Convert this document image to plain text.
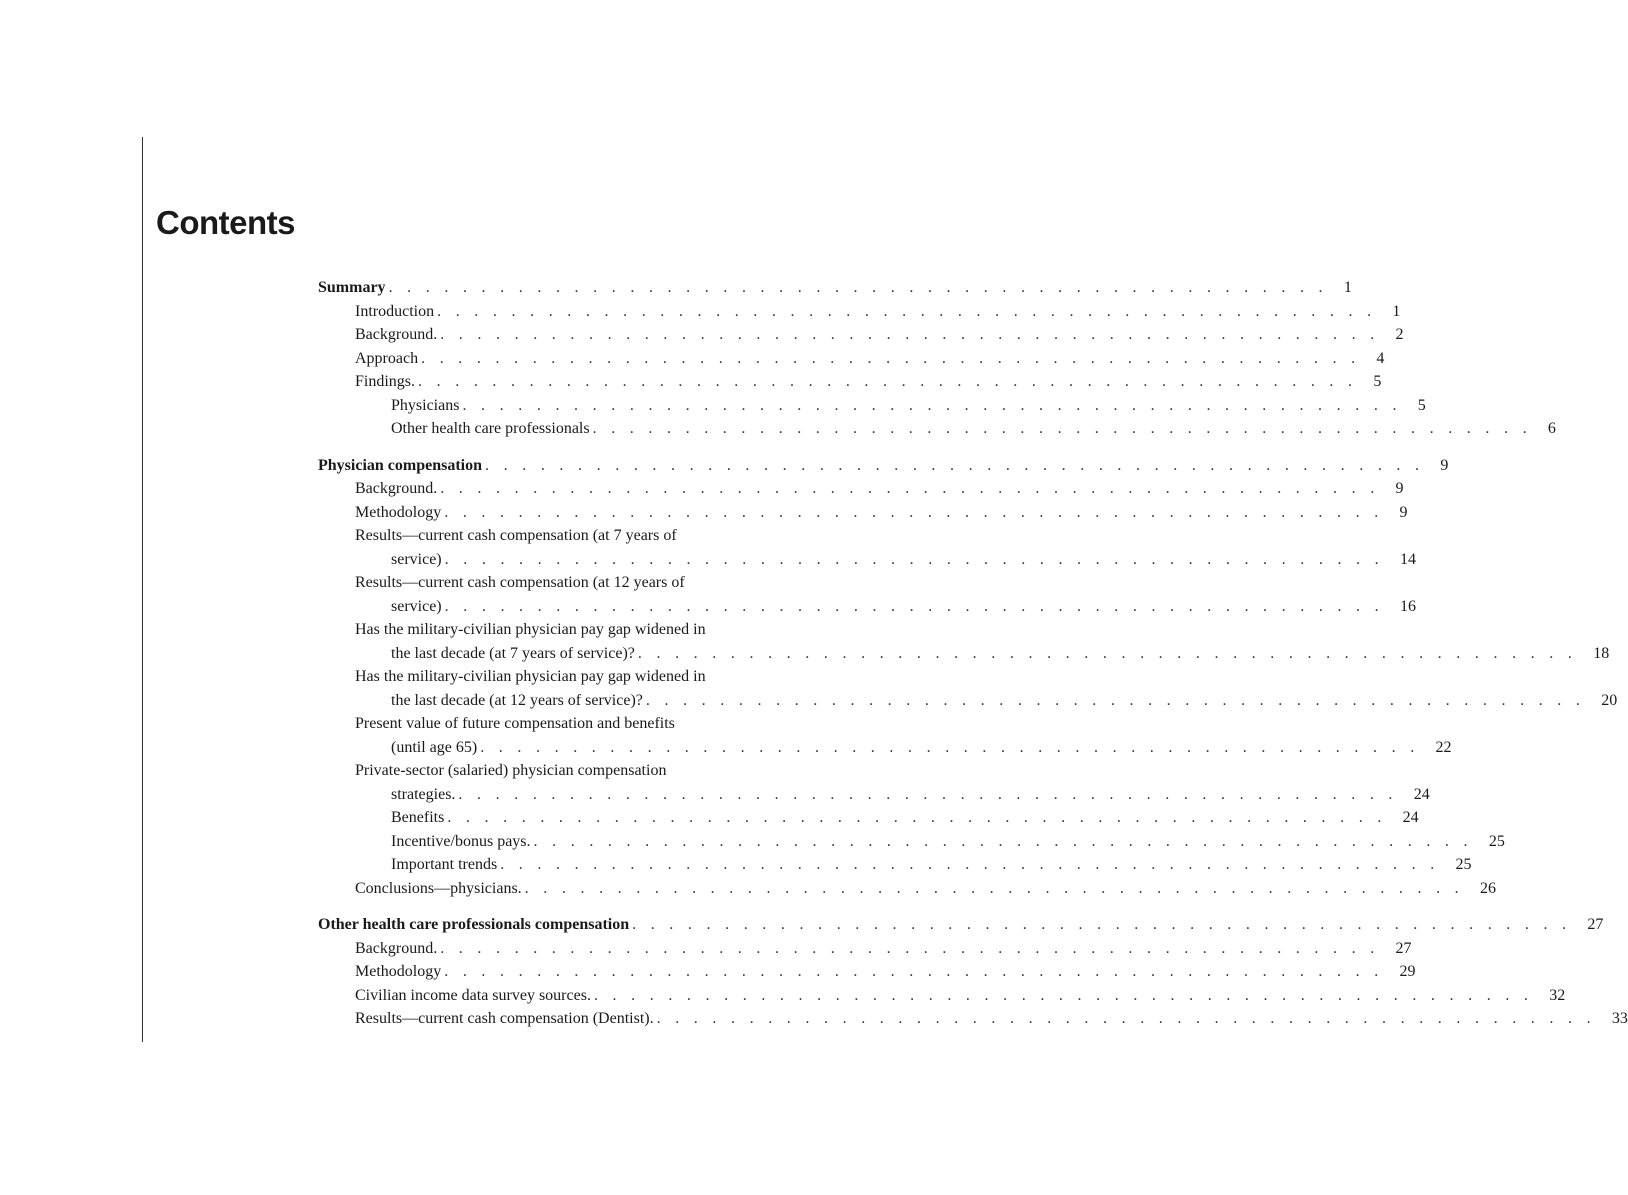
Contents
Summary . . . . . . . . . . . . . . . . . . . . . . . . . . . . . . . . . . . . . . . . . . . . . . . . . . . 1
Introduction . . . . . . . . . . . . . . . . . . . . . . . . . . . . . . . . . . . . . . . . . . . . . . . . . . . 1
Background. . . . . . . . . . . . . . . . . . . . . . . . . . . . . . . . . . . . . . . . . . . . . . . . . . . . 2
Approach . . . . . . . . . . . . . . . . . . . . . . . . . . . . . . . . . . . . . . . . . . . . . . . . . . . 4
Findings. . . . . . . . . . . . . . . . . . . . . . . . . . . . . . . . . . . . . . . . . . . . . . . . . . . . 5
Physicians . . . . . . . . . . . . . . . . . . . . . . . . . . . . . . . . . . . . . . . . . . . . . . . . . . . 5
Other health care professionals . . . . . . . . . . . . . . . . . . . . . . . . . . . . . . . . . . . . . . . . . . . . . . . . . . . 6
Physician compensation . . . . . . . . . . . . . . . . . . . . . . . . . . . . . . . . . . . . . . . . . . . . . . . . . . . 9
Background. . . . . . . . . . . . . . . . . . . . . . . . . . . . . . . . . . . . . . . . . . . . . . . . . . . . 9
Methodology . . . . . . . . . . . . . . . . . . . . . . . . . . . . . . . . . . . . . . . . . . . . . . . . . . . 9
Results—current cash compensation (at 7 years of
service) . . . . . . . . . . . . . . . . . . . . . . . . . . . . . . . . . . . . . . . . . . . . . . . . . . . 14
Results—current cash compensation (at 12 years of
service) . . . . . . . . . . . . . . . . . . . . . . . . . . . . . . . . . . . . . . . . . . . . . . . . . . . 16
Has the military-civilian physician pay gap widened in
the last decade (at 7 years of service)? . . . . . . . . . . . . . . . . . . . . . . . . . . . . . . . . . . . . . . . . . . . . . . . . . . . 18
Has the military-civilian physician pay gap widened in
the last decade (at 12 years of service)? . . . . . . . . . . . . . . . . . . . . . . . . . . . . . . . . . . . . . . . . . . . . . . . . . . . 20
Present value of future compensation and benefits
(until age 65) . . . . . . . . . . . . . . . . . . . . . . . . . . . . . . . . . . . . . . . . . . . . . . . . . . . 22
Private-sector (salaried) physician compensation
strategies. . . . . . . . . . . . . . . . . . . . . . . . . . . . . . . . . . . . . . . . . . . . . . . . . . . . 24
Benefits . . . . . . . . . . . . . . . . . . . . . . . . . . . . . . . . . . . . . . . . . . . . . . . . . . . 24
Incentive/bonus pays. . . . . . . . . . . . . . . . . . . . . . . . . . . . . . . . . . . . . . . . . . . . . . . . . . . . 25
Important trends . . . . . . . . . . . . . . . . . . . . . . . . . . . . . . . . . . . . . . . . . . . . . . . . . . . 25
Conclusions—physicians. . . . . . . . . . . . . . . . . . . . . . . . . . . . . . . . . . . . . . . . . . . . . . . . . . . . 26
Other health care professionals compensation . . . . . . . . . . . . . . . . . . . . . . . . . . . . . . . . . . . . . . . . . . . . . . . . . . . 27
Background. . . . . . . . . . . . . . . . . . . . . . . . . . . . . . . . . . . . . . . . . . . . . . . . . . . . 27
Methodology . . . . . . . . . . . . . . . . . . . . . . . . . . . . . . . . . . . . . . . . . . . . . . . . . . . 29
Civilian income data survey sources. . . . . . . . . . . . . . . . . . . . . . . . . . . . . . . . . . . . . . . . . . . . . . . . . . . . 32
Results—current cash compensation (Dentist). . . . . . . . . . . . . . . . . . . . . . . . . . . . . . . . . . . . . . . . . . . . . . . . . . . . 33
